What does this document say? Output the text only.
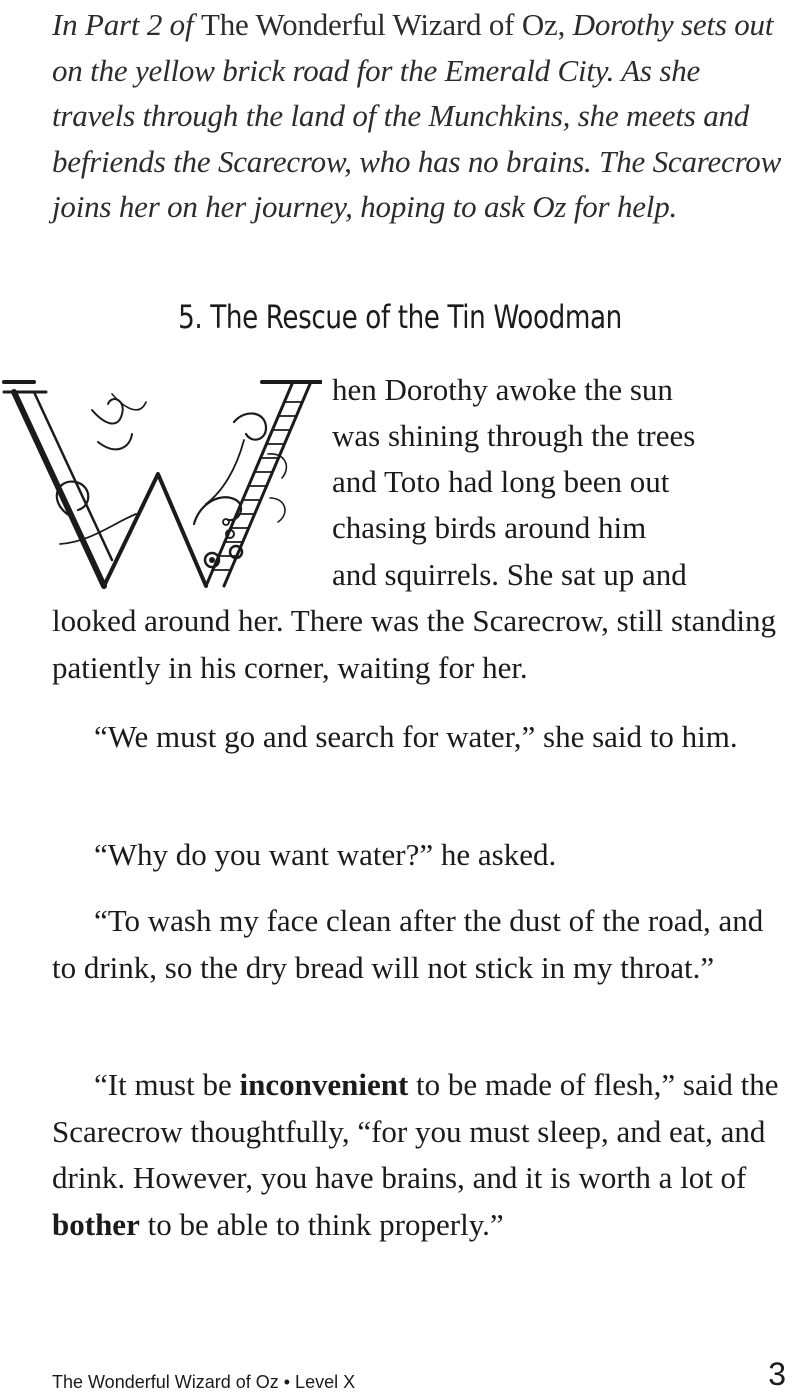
In Part 2 of The Wonderful Wizard of Oz, Dorothy sets out on the yellow brick road for the Emerald City. As she travels through the land of the Munchkins, she meets and befriends the Scarecrow, who has no brains. The Scarecrow joins her on her journey, hoping to ask Oz for help.

5. The Rescue of the Tin Woodman

hen Dorothy awoke the sun

was shining through the trees

and Toto had long been out

chasing birds around him

and squirrels. She sat up and

looked around her. There was the Scarecrow, still standing patiently in his corner, waiting for her.

“We must go and search for water,” she said to him.

“Why do you want water?” he asked.

“To wash my face clean after the dust of the road, and to drink, so the dry bread will not stick in my throat.”

“It must be inconvenient to be made of flesh,” said the Scarecrow thoughtfully, “for you must sleep, and eat, and drink. However, you have brains, and it is worth a lot of bother to be able to think properly.”

The Wonderful Wizard of Oz • Level X	3
